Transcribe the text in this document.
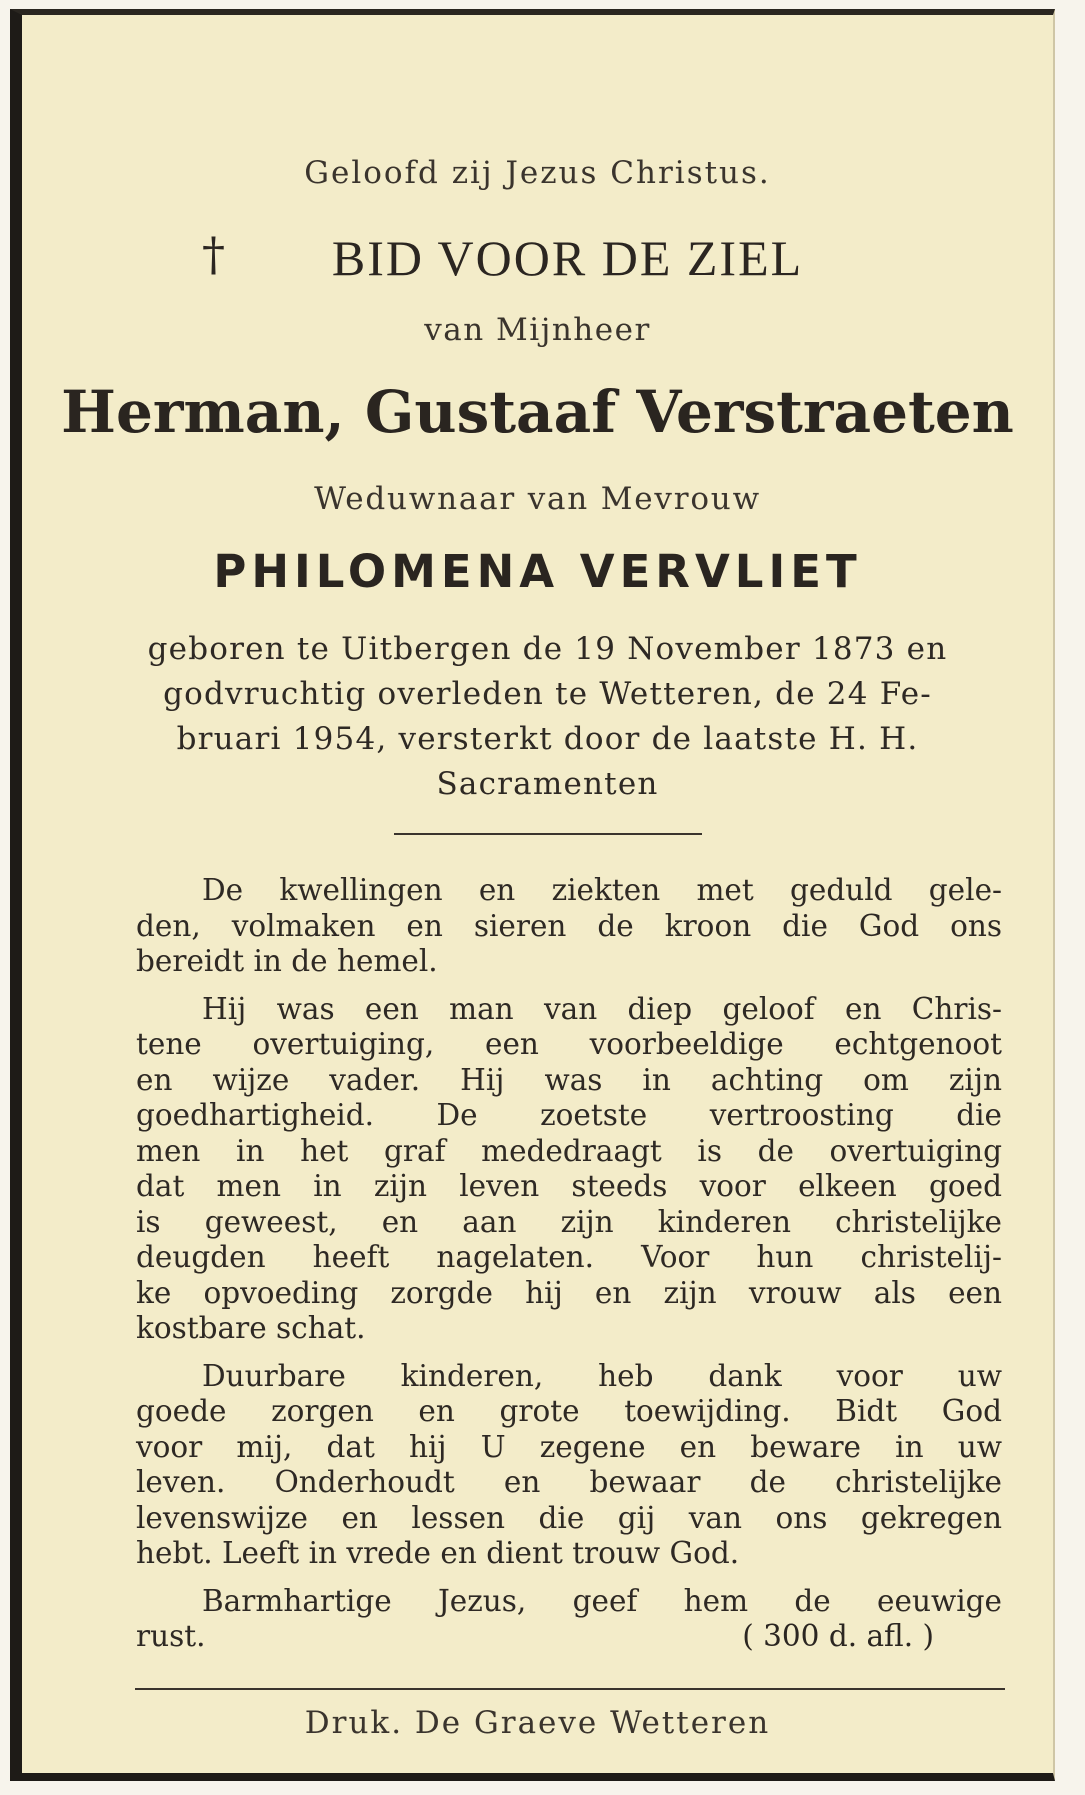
Geloofd zij Jezus Christus.
†	BID VOOR DE ZIEL
van Mijnheer
Herman, Gustaaf Verstraeten
Weduwnaar van Mevrouw
PHILOMENA VERVLIET
geboren te Uitbergen de 19 November 1873 en
godvruchtig overleden te Wetteren, de 24 Fe-
bruari 1954, versterkt door de laatste H. H.
Sacramenten
De kwellingen en ziekten met geduld gele-
den, volmaken en sieren de kroon die God ons
bereidt in de hemel.
Hij was een man van diep geloof en Chris-
tene overtuiging, een voorbeeldige echtgenoot
en wijze vader. Hij was in achting om zijn
goedhartigheid. De zoetste vertroosting die
men in het graf mededraagt is de overtuiging
dat men in zijn leven steeds voor elkeen goed
is geweest, en aan zijn kinderen christelijke
deugden heeft nagelaten. Voor hun christelij-
ke opvoeding zorgde hij en zijn vrouw als een
kostbare schat.
Duurbare kinderen, heb dank voor uw
goede zorgen en grote toewijding. Bidt God
voor mij, dat hij U zegene en beware in uw
leven. Onderhoudt en bewaar de christelijke
levenswijze en lessen die gij van ons gekregen
hebt. Leeft in vrede en dient trouw God.
Barmhartige Jezus, geef hem de eeuwige
rust.	( 300 d. afl. )
Druk. De Graeve Wetteren
